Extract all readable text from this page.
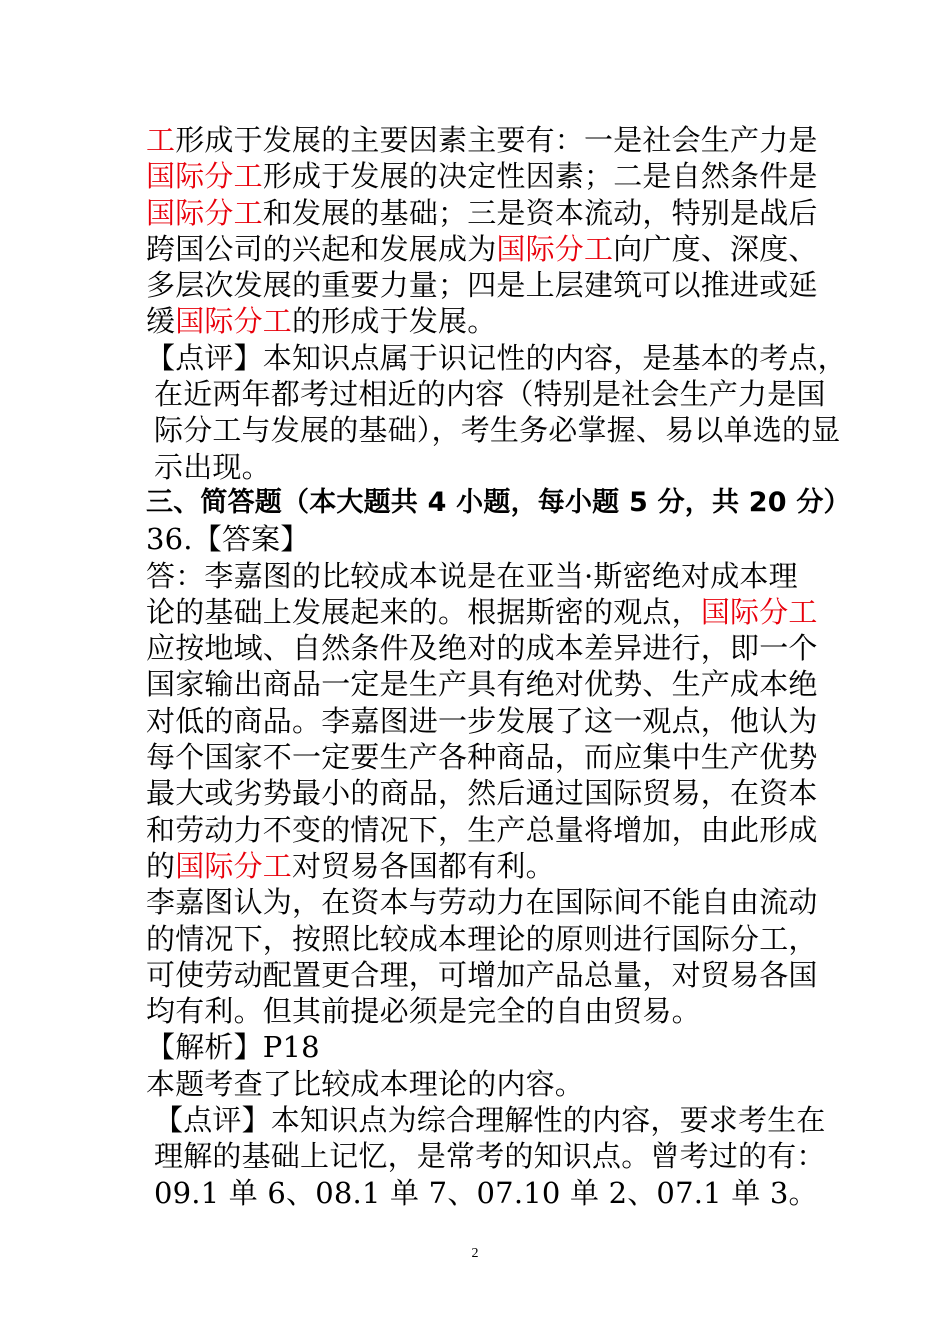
工形成于发展的主要因素主要有：一是社会生产力是
国际分工形成于发展的决定性因素；二是自然条件是
国际分工和发展的基础；三是资本流动，特别是战后
跨国公司的兴起和发展成为国际分工向广度、深度、
多层次发展的重要力量；四是上层建筑可以推进或延
缓国际分工的形成于发展。
【点评】本知识点属于识记性的内容，是基本的考点，
在近两年都考过相近的内容（特别是社会生产力是国
际分工与发展的基础），考生务必掌握、易以单选的显
示出现。
三、简答题（本大题共 4 小题，每小题 5 分，共 20 分）
36.【答案】
答：李嘉图的比较成本说是在亚当·斯密绝对成本理
论的基础上发展起来的。根据斯密的观点，国际分工
应按地域、自然条件及绝对的成本差异进行，即一个
国家输出商品一定是生产具有绝对优势、生产成本绝
对低的商品。李嘉图进一步发展了这一观点，他认为
每个国家不一定要生产各种商品，而应集中生产优势
最大或劣势最小的商品，然后通过国际贸易，在资本
和劳动力不变的情况下，生产总量将增加，由此形成
的国际分工对贸易各国都有利。
李嘉图认为，在资本与劳动力在国际间不能自由流动
的情况下，按照比较成本理论的原则进行国际分工，
可使劳动配置更合理，可增加产品总量，对贸易各国
均有利。但其前提必须是完全的自由贸易。
【解析】P18
本题考查了比较成本理论的内容。
【点评】本知识点为综合理解性的内容，要求考生在
理解的基础上记忆，是常考的知识点。曾考过的有：
09.1 单 6、08.1 单 7、07.10 单 2、07.1 单 3。
2
